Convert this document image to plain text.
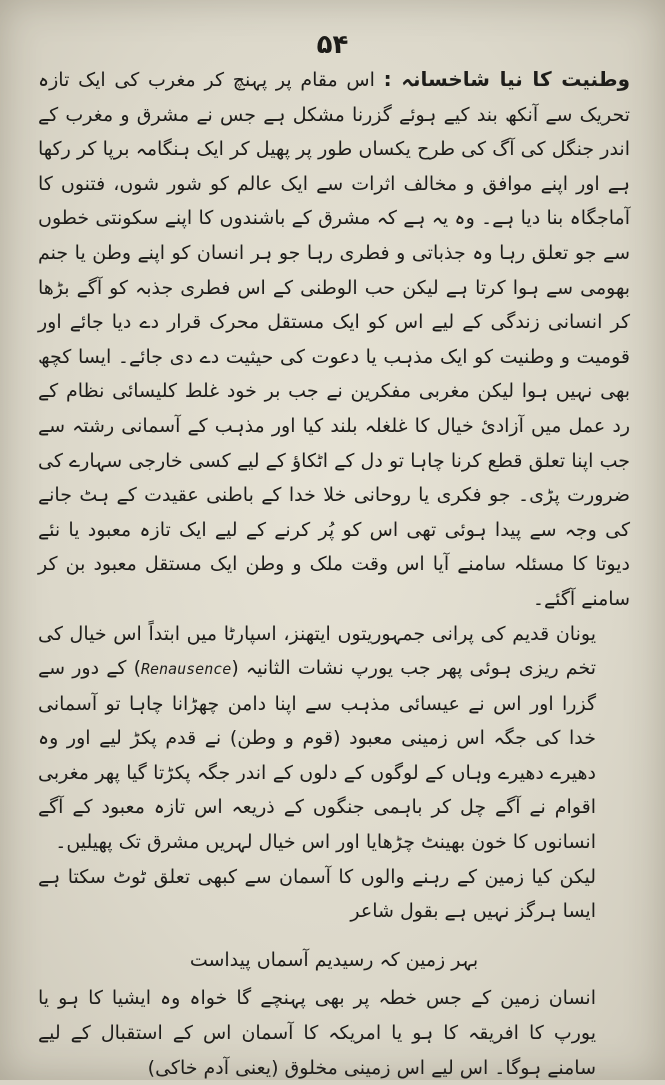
۵۴

وطنیت کا نیا شاخسانہ : اس مقام پر پہنچ کر مغرب کی ایک تازہ تحریک سے آنکھ بند کیے ہوئے گزرنا مشکل ہے جس نے مشرق و مغرب کے اندر جنگل کی آگ کی طرح یکساں طور پر پھیل کر ایک ہنگامہ برپا کر رکھا ہے اور اپنے موافق و مخالف اثرات سے ایک عالم کو شور شوں، فتنوں کا آماجگاہ بنا دیا ہے۔ وہ یہ ہے کہ مشرق کے باشندوں کا اپنے سکونتی خطوں سے جو تعلق رہا وہ جذباتی و فطری رہا جو ہر انسان کو اپنے وطن یا جنم بھومی سے ہوا کرتا ہے لیکن حب الوطنی کے اس فطری جذبہ کو آگے بڑھا کر انسانی زندگی کے لیے اس کو ایک مستقل محرک قرار دے دیا جائے اور قومیت و وطنیت کو ایک مذہب یا دعوت کی حیثیت دے دی جائے۔ ایسا کچھ بھی نہیں ہوا لیکن مغربی مفکرین نے جب بر خود غلط کلیسائی نظام کے رد عمل میں آزادیٔ خیال کا غلغلہ بلند کیا اور مذہب کے آسمانی رشتہ سے جب اپنا تعلق قطع کرنا چاہا تو دل کے اٹکاؤ کے لیے کسی خارجی سہارے کی ضرورت پڑی۔ جو فکری یا روحانی خلا خدا کے باطنی عقیدت کے ہٹ جانے کی وجہ سے پیدا ہوئی تھی اس کو پُر کرنے کے لیے ایک تازہ معبود یا نئے دیوتا کا مسئلہ سامنے آیا اس وقت ملک و وطن ایک مستقل معبود بن کر سامنے آگئے۔

یونان قدیم کی پرانی جمہوریتوں ایتھنز، اسپارٹا میں ابتداً اس خیال کی تخم ریزی ہوئی پھر جب یورپ نشات الثانیہ (Renausence) کے دور سے گزرا اور اس نے عیسائی مذہب سے اپنا دامن چھڑانا چاہا تو آسمانی خدا کی جگہ اس زمینی معبود (قوم و وطن) نے قدم پکڑ لیے اور وہ دھیرے دھیرے وہاں کے لوگوں کے دلوں کے اندر جگہ پکڑتا گیا پھر مغربی اقوام نے آگے چل کر باہمی جنگوں کے ذریعہ اس تازہ معبود کے آگے انسانوں کا خون بھینٹ چڑھایا اور اس خیال لہریں مشرق تک پھیلیں۔

لیکن کیا زمین کے رہنے والوں کا آسمان سے کبھی تعلق ٹوٹ سکتا ہے ایسا ہرگز نہیں ہے بقول شاعر

بہر زمین کہ رسیدیم آسماں پیداست

انسان زمین کے جس خطہ پر بھی پہنچے گا خواہ وہ ایشیا کا ہو یا یورپ کا افریقہ کا ہو یا امریکہ کا آسمان اس کے استقبال کے لیے سامنے ہوگا۔ اس لیے اس زمینی مخلوق (یعنی آدم خاکی)
